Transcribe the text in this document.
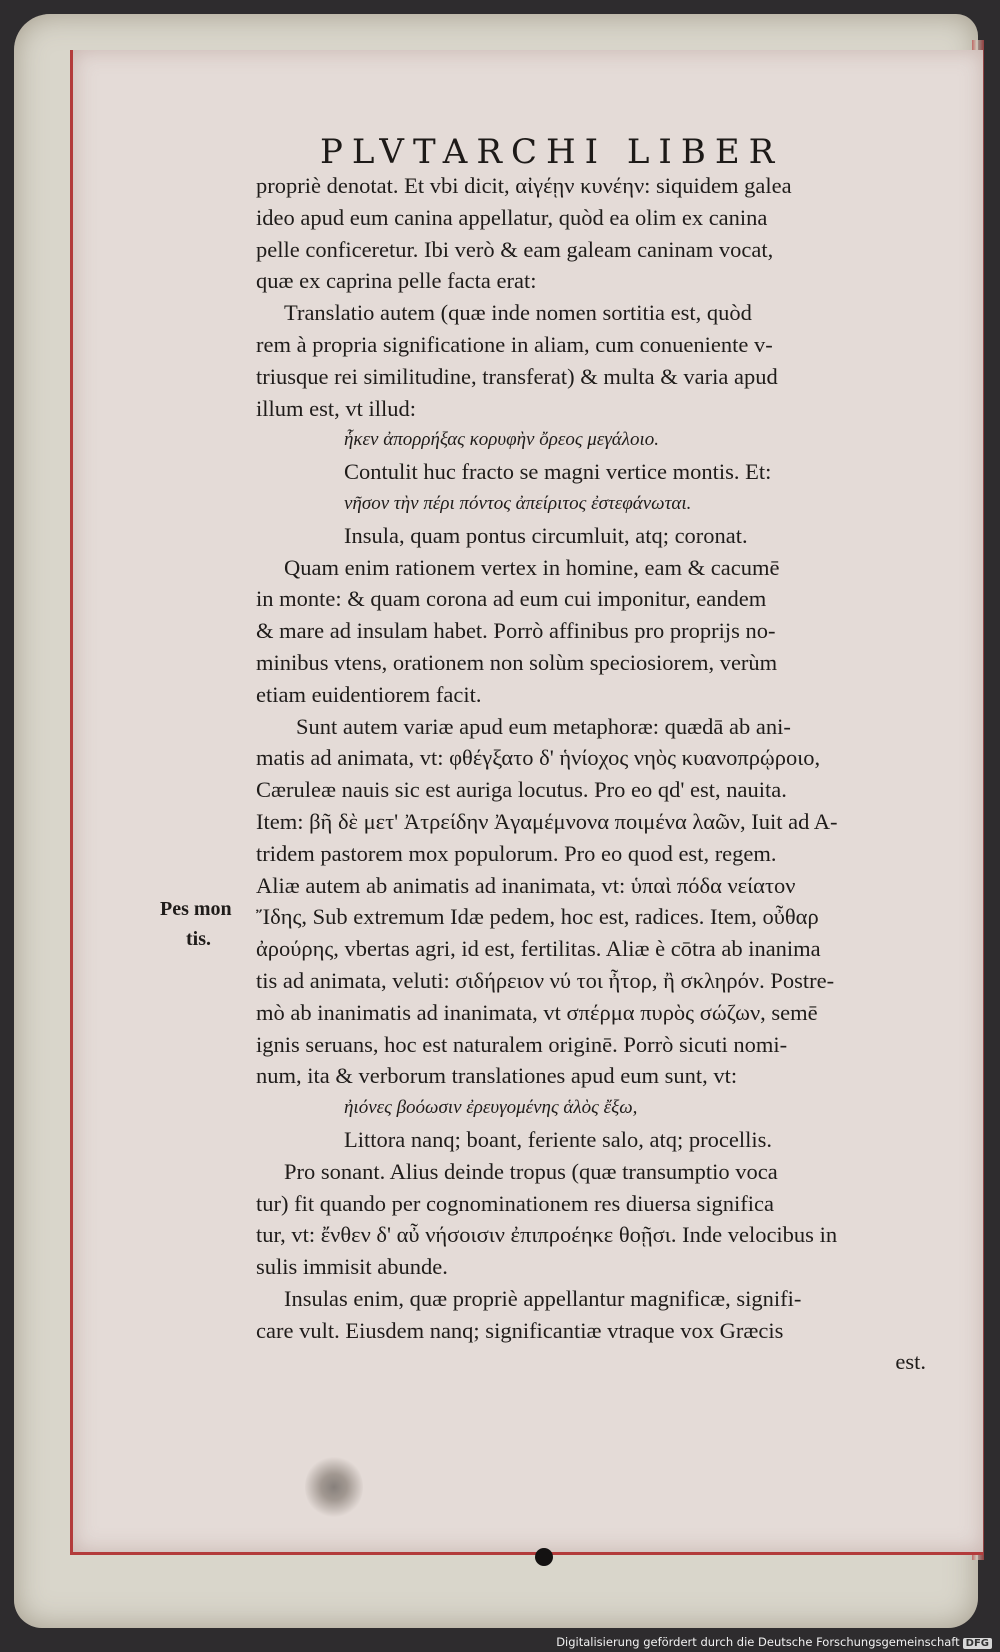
PLVTARCHI LIBER
propriè denotat. Et vbi dicit, αἰγέῃν κυνέην: siquidem galea
ideo apud eum canina appellatur, quòd ea olim ex canina
pelle conficeretur. Ibi verò & eam galeam caninam vocat,
quæ ex caprina pelle facta erat:
Translatio autem (quæ inde nomen sortitia est, quòd
rem à propria significatione in aliam, cum conueniente v-
triusque rei similitudine, transferat) & multa & varia apud
illum est, vt illud:
ἧκεν ἀπορρήξας κορυφὴν ὄρεος μεγάλοιο.
Contulit huc fracto se magni vertice montis. Et:
νῆσον τὴν πέρι πόντος ἀπείριτος ἐστεφάνωται.
Insula, quam pontus circumluit, atq; coronat.
Quam enim rationem vertex in homine, eam & cacumē
in monte: & quam corona ad eum cui imponitur, eandem
& mare ad insulam habet. Porrò affinibus pro proprijs no-
minibus vtens, orationem non solùm speciosiorem, verùm
etiam euidentiorem facit.
Sunt autem variæ apud eum metaphoræ: quædā ab ani-
matis ad animata, vt: φθέγξατο δ' ἡνίοχος νηὸς κυανοπρῴροιο,
Cæruleæ nauis sic est auriga locutus. Pro eo qd' est, nauita.
Item: βῆ δὲ μετ' Ἀτρείδην Ἀγαμέμνονα ποιμένα λαῶν, Iuit ad A-
tridem pastorem mox populorum. Pro eo quod est, regem.
Aliæ autem ab animatis ad inanimata, vt: ὑπαὶ πόδα νείατον
Ἴδης, Sub extremum Idæ pedem, hoc est, radices. Item, οὖθαρ
ἀρούρης, vbertas agri, id est, fertilitas. Aliæ è cōtra ab inanima
tis ad animata, veluti: σιδήρειον νύ τοι ἦτορ, ἢ σκληρόν. Postre-
mò ab inanimatis ad inanimata, vt σπέρμα πυρὸς σώζων, semē
ignis seruans, hoc est naturalem originē. Porrò sicuti nomi-
num, ita & verborum translationes apud eum sunt, vt:
ἠιόνες βοόωσιν ἐρευγομένης ἁλὸς ἔξω,
Littora nanq; boant, feriente salo, atq; procellis.
Pro sonant. Alius deinde tropus (quæ transumptio voca
tur) fit quando per cognominationem res diuersa significa
tur, vt: ἔνθεν δ' αὖ νήσοισιν ἐπιπροέηκε θοῇσι. Inde velocibus in
sulis immisit abunde.
Insulas enim, quæ propriè appellantur magnificæ, signifi-
care vult. Eiusdem nanq; significantiæ vtraque vox Græcis
est.
Pes mon
tis.
Digitalisierung gefördert durch die Deutsche Forschungsgemeinschaft DFG
